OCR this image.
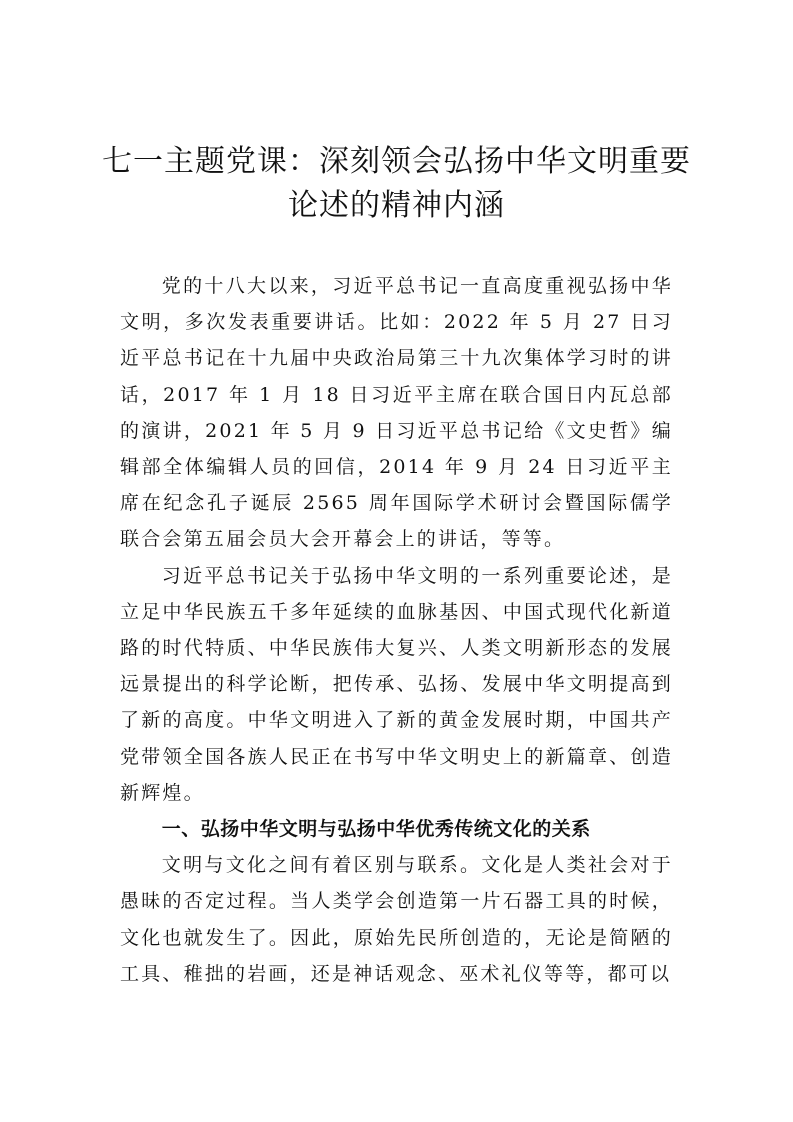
七一主题党课：深刻领会弘扬中华文明重要
论述的精神内涵

党的十八大以来，习近平总书记一直高度重视弘扬中华文明，多次发表重要讲话。比如：2022 年 5 月 27 日习近平总书记在十九届中央政治局第三十九次集体学习时的讲话，2017 年 1 月 18 日习近平主席在联合国日内瓦总部的演讲，2021 年 5 月 9 日习近平总书记给《文史哲》编辑部全体编辑人员的回信，2014 年 9 月 24 日习近平主席在纪念孔子诞辰 2565 周年国际学术研讨会暨国际儒学联合会第五届会员大会开幕会上的讲话，等等。

习近平总书记关于弘扬中华文明的一系列重要论述，是立足中华民族五千多年延续的血脉基因、中国式现代化新道路的时代特质、中华民族伟大复兴、人类文明新形态的发展远景提出的科学论断，把传承、弘扬、发展中华文明提高到了新的高度。中华文明进入了新的黄金发展时期，中国共产党带领全国各族人民正在书写中华文明史上的新篇章、创造新辉煌。

一、弘扬中华文明与弘扬中华优秀传统文化的关系

文明与文化之间有着区别与联系。文化是人类社会对于愚昧的否定过程。当人类学会创造第一片石器工具的时候，文化也就发生了。因此，原始先民所创造的，无论是简陋的工具、稚拙的岩画，还是神话观念、巫术礼仪等等，都可以
